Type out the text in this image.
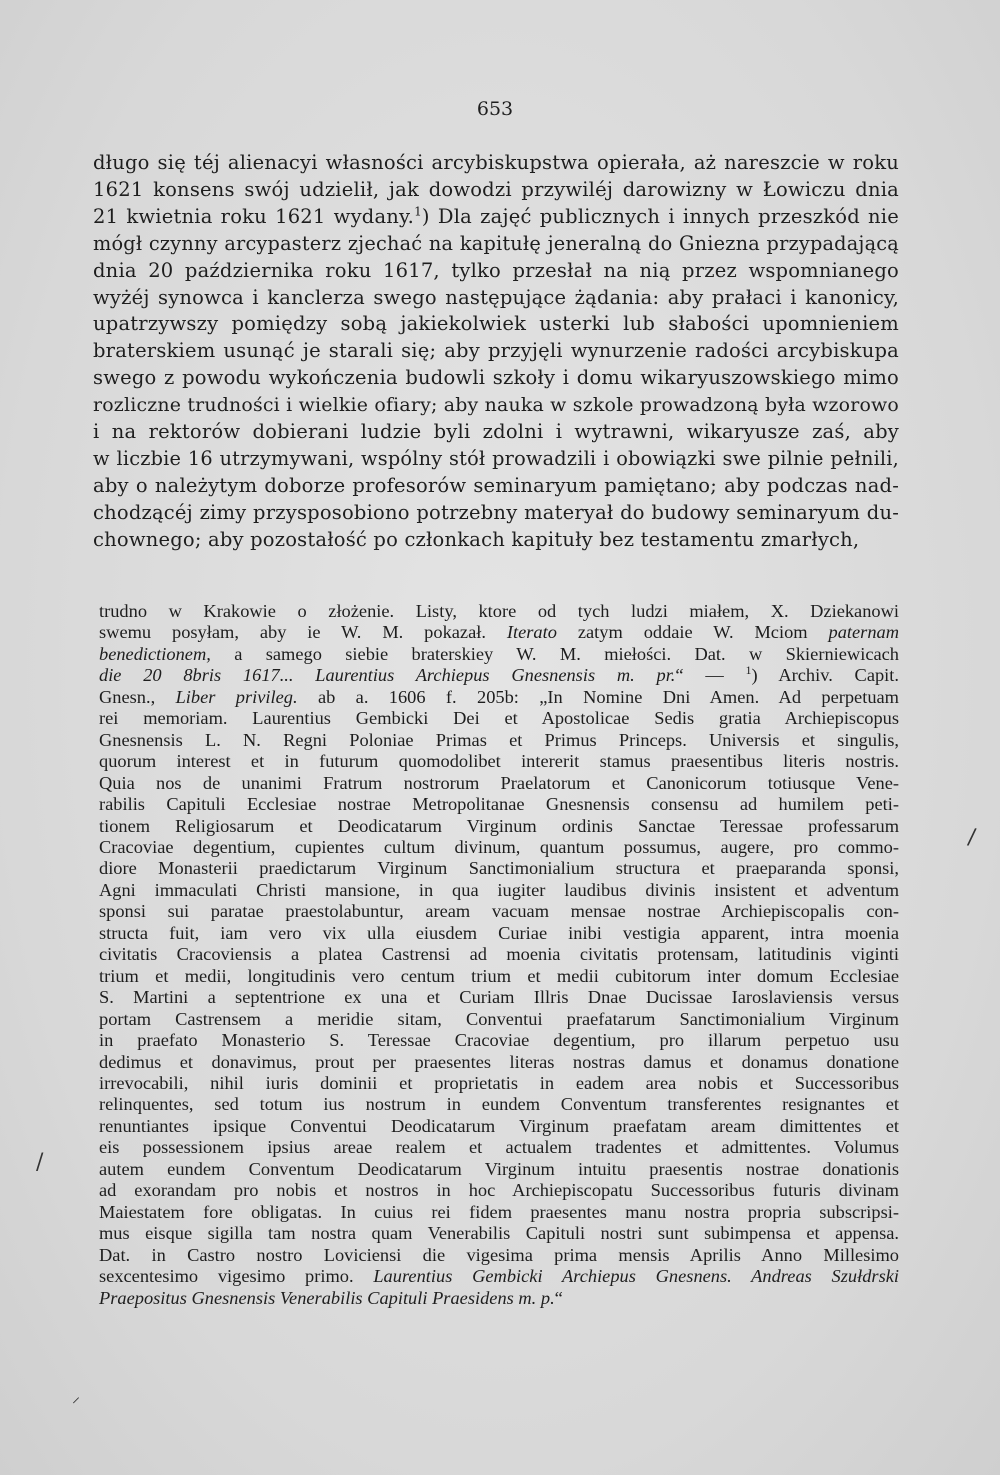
653
długo się téj alienacyi własności arcybiskupstwa opierała, aż nareszcie w roku
1621 konsens swój udzielił, jak dowodzi przywiléj darowizny w Łowiczu dnia
21 kwietnia roku 1621 wydany.$^1$) Dla zajęć publicznych i innych przeszkód nie
mógł czynny arcypasterz zjechać na kapitułę jeneralną do Gniezna przypadającą
dnia 20 października roku 1617, tylko przesłał na nią przez wspomnianego
wyżéj synowca i kanclerza swego następujące żądania: aby prałaci i kanonicy,
upatrzywszy pomiędzy sobą jakiekolwiek usterki lub słabości upomnieniem
braterskiem usunąć je starali się; aby przyjęli wynurzenie radości arcybiskupa
swego z powodu wykończenia budowli szkoły i domu wikaryuszowskiego mimo
rozliczne trudności i wielkie ofiary; aby nauka w szkole prowadzoną była wzorowo
i na rektorów dobierani ludzie byli zdolni i wytrawni, wikaryusze zaś, aby
w liczbie 16 utrzymywani, wspólny stół prowadzili i obowiązki swe pilnie pełnili,
aby o należytym doborze profesorów seminaryum pamiętano; aby podczas nad-
chodzącéj zimy przysposobiono potrzebny materyał do budowy seminaryum du-
chownego; aby pozostałość po członkach kapituły bez testamentu zmarłych,
trudno w Krakowie o złożenie. Listy, ktore od tych ludzi miałem, X. Dziekanowi
swemu posyłam, aby ie W. M. pokazał. Iterato zatym oddaie W. Mciom paternam
benedictionem, a samego siebie braterskiey W. M. miełości. Dat. w Skierniewicach
die 20 8bris 1617... Laurentius Archiepus Gnesnensis m. pr.“ — $^1$) Archiv. Capit.
Gnesn., Liber privileg. ab a. 1606 f. 205b: „In Nomine Dni Amen. Ad perpetuam
rei memoriam. Laurentius Gembicki Dei et Apostolicae Sedis gratia Archiepiscopus
Gnesnensis L. N. Regni Poloniae Primas et Primus Princeps. Universis et singulis,
quorum interest et in futurum quomodolibet intererit stamus praesentibus literis nostris.
Quia nos de unanimi Fratrum nostrorum Praelatorum et Canonicorum totiusque Vene-
rabilis Capituli Ecclesiae nostrae Metropolitanae Gnesnensis consensu ad humilem peti-
tionem Religiosarum et Deodicatarum Virginum ordinis Sanctae Teressae professarum
Cracoviae degentium, cupientes cultum divinum, quantum possumus, augere, pro commo-
diore Monasterii praedictarum Virginum Sanctimonialium structura et praeparanda sponsi,
Agni immaculati Christi mansione, in qua iugiter laudibus divinis insistent et adventum
sponsi sui paratae praestolabuntur, aream vacuam mensae nostrae Archiepiscopalis con-
structa fuit, iam vero vix ulla eiusdem Curiae inibi vestigia apparent, intra moenia
civitatis Cracoviensis a platea Castrensi ad moenia civitatis protensam, latitudinis viginti
trium et medii, longitudinis vero centum trium et medii cubitorum inter domum Ecclesiae
S. Martini a septentrione ex una et Curiam Illris Dnae Ducissae Iaroslaviensis versus
portam Castrensem a meridie sitam, Conventui praefatarum Sanctimonialium Virginum
in praefato Monasterio S. Teressae Cracoviae degentium, pro illarum perpetuo usu
dedimus et donavimus, prout per praesentes literas nostras damus et donamus donatione
irrevocabili, nihil iuris dominii et proprietatis in eadem area nobis et Successoribus
relinquentes, sed totum ius nostrum in eundem Conventum transferentes resignantes et
renuntiantes ipsique Conventui Deodicatarum Virginum praefatam aream dimittentes et
eis possessionem ipsius areae realem et actualem tradentes et admittentes. Volumus
autem eundem Conventum Deodicatarum Virginum intuitu praesentis nostrae donationis
ad exorandam pro nobis et nostros in hoc Archiepiscopatu Successoribus futuris divinam
Maiestatem fore obligatas. In cuius rei fidem praesentes manu nostra propria subscripsi-
mus eisque sigilla tam nostra quam Venerabilis Capituli nostri sunt subimpensa et appensa.
Dat. in Castro nostro Loviciensi die vigesima prima mensis Aprilis Anno Millesimo
sexcentesimo vigesimo primo. Laurentius Gembicki Archiepus Gnesnens. Andreas Szułdrski
Praepositus Gnesnensis Venerabilis Capituli Praesidens m. p.“
/
/
⸝
